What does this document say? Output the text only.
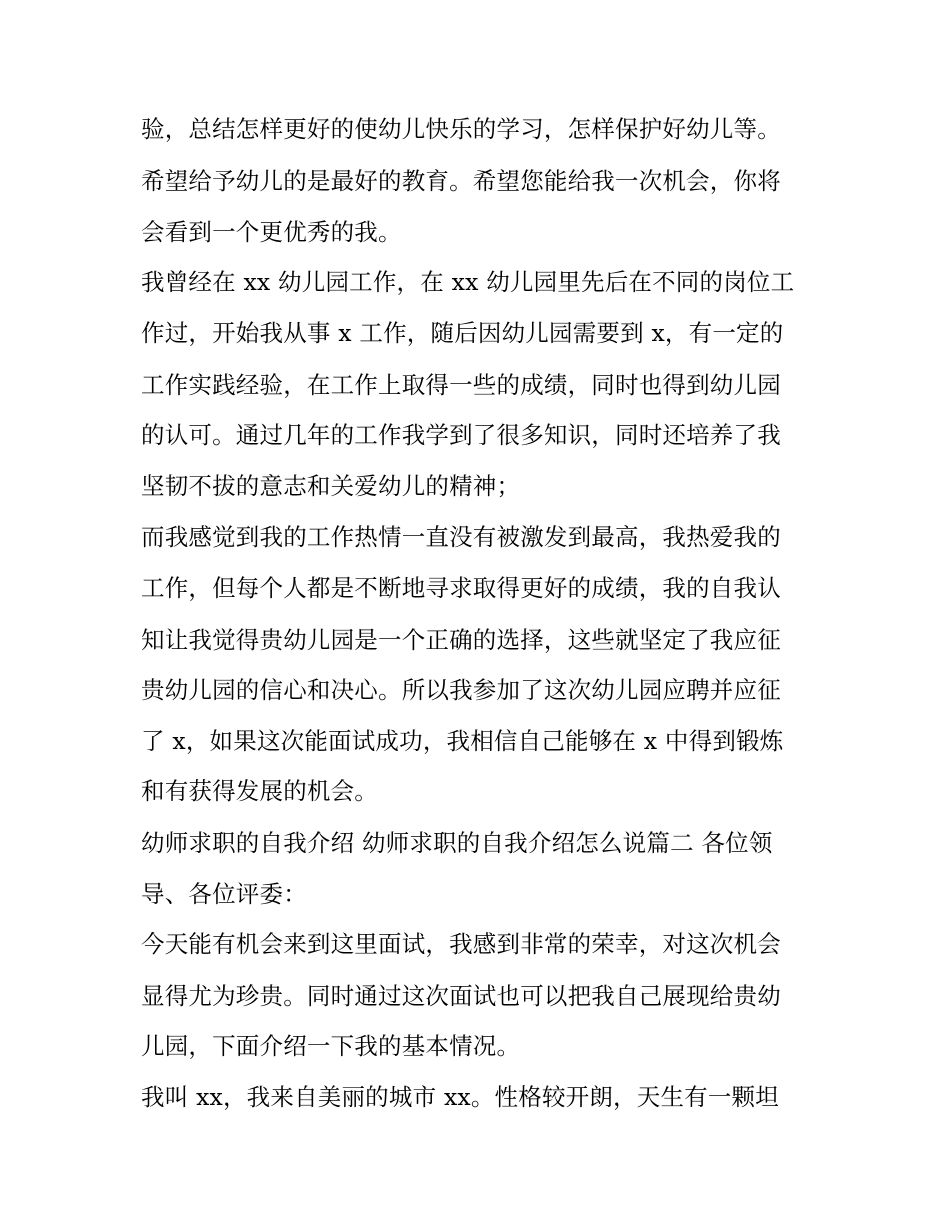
验，总结怎样更好的使幼儿快乐的学习，怎样保护好幼儿等。

希望给予幼儿的是最好的教育。希望您能给我一次机会，你将

会看到一个更优秀的我。

我曾经在 xx 幼儿园工作，在 xx 幼儿园里先后在不同的岗位工

作过，开始我从事 x 工作，随后因幼儿园需要到 x，有一定的

工作实践经验，在工作上取得一些的成绩，同时也得到幼儿园

的认可。通过几年的工作我学到了很多知识，同时还培养了我

坚韧不拔的意志和关爱幼儿的精神；

而我感觉到我的工作热情一直没有被激发到最高，我热爱我的

工作，但每个人都是不断地寻求取得更好的成绩，我的自我认

知让我觉得贵幼儿园是一个正确的选择，这些就坚定了我应征

贵幼儿园的信心和决心。所以我参加了这次幼儿园应聘并应征

了 x，如果这次能面试成功，我相信自己能够在 x 中得到锻炼

和有获得发展的机会。

幼师求职的自我介绍 幼师求职的自我介绍怎么说篇二 各位领

导、各位评委：

今天能有机会来到这里面试，我感到非常的荣幸，对这次机会

显得尤为珍贵。同时通过这次面试也可以把我自己展现给贵幼

儿园，下面介绍一下我的基本情况。

我叫 xx，我来自美丽的城市 xx。性格较开朗，天生有一颗坦
